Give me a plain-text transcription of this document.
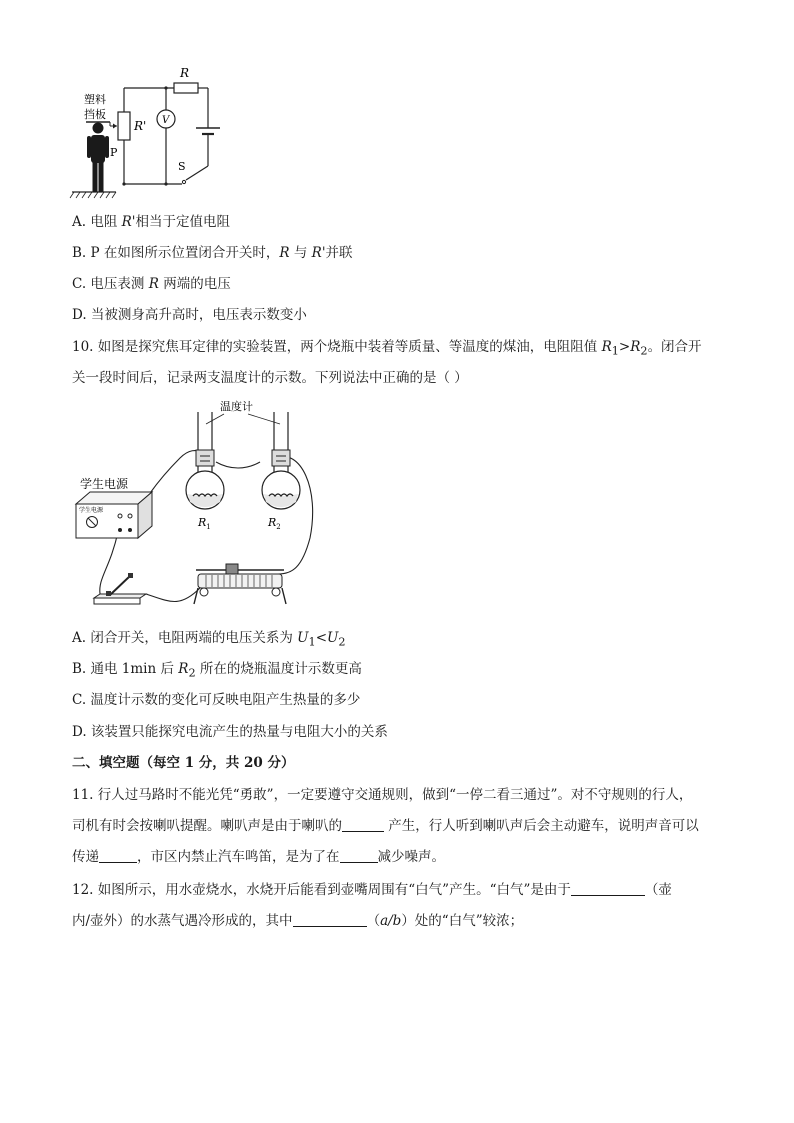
R
R' V
S
P
塑料
挡板
A. 电阻 R'相当于定值电阻
B. P 在如图所示位置闭合开关时，R 与 R'并联
C. 电压表测 R 两端的电压
D. 当被测身高升高时，电压表示数变小
10. 如图是探究焦耳定律的实验装置，两个烧瓶中装着等质量、等温度的煤油，电阻阻值 $R_1>R_2$。闭合开
关一段时间后，记录两支温度计的示数。下列说法中正确的是（ ）
学生电源
学生电源
温度计
$R_1$	$R_2$
A. 闭合开关，电阻两端的电压关系为 $U_1<U_2$
B. 通电 1min 后 $R_2$ 所在的烧瓶温度计示数更高
C. 温度计示数的变化可反映电阻产生热量的多少
D. 该装置只能探究电流产生的热量与电阻大小的关系
二、填空题（每空 1 分，共 20 分）
11. 行人过马路时不能光凭“勇敢”，一定要遵守交通规则，做到“一停二看三通过”。对不守规则的行人，
司机有时会按喇叭提醒。喇叭声是由于喇叭的	产生，行人听到喇叭声后会主动避车，说明声音可以
传递	，市区内禁止汽车鸣笛，是为了在	减少噪声。
12. 如图所示，用水壶烧水，水烧开后能看到壶嘴周围有“白气”产生。“白气”是由于	（壶
内/壶外）的水蒸气遇冷形成的，其中	（a/b）处的“白气”较浓；
